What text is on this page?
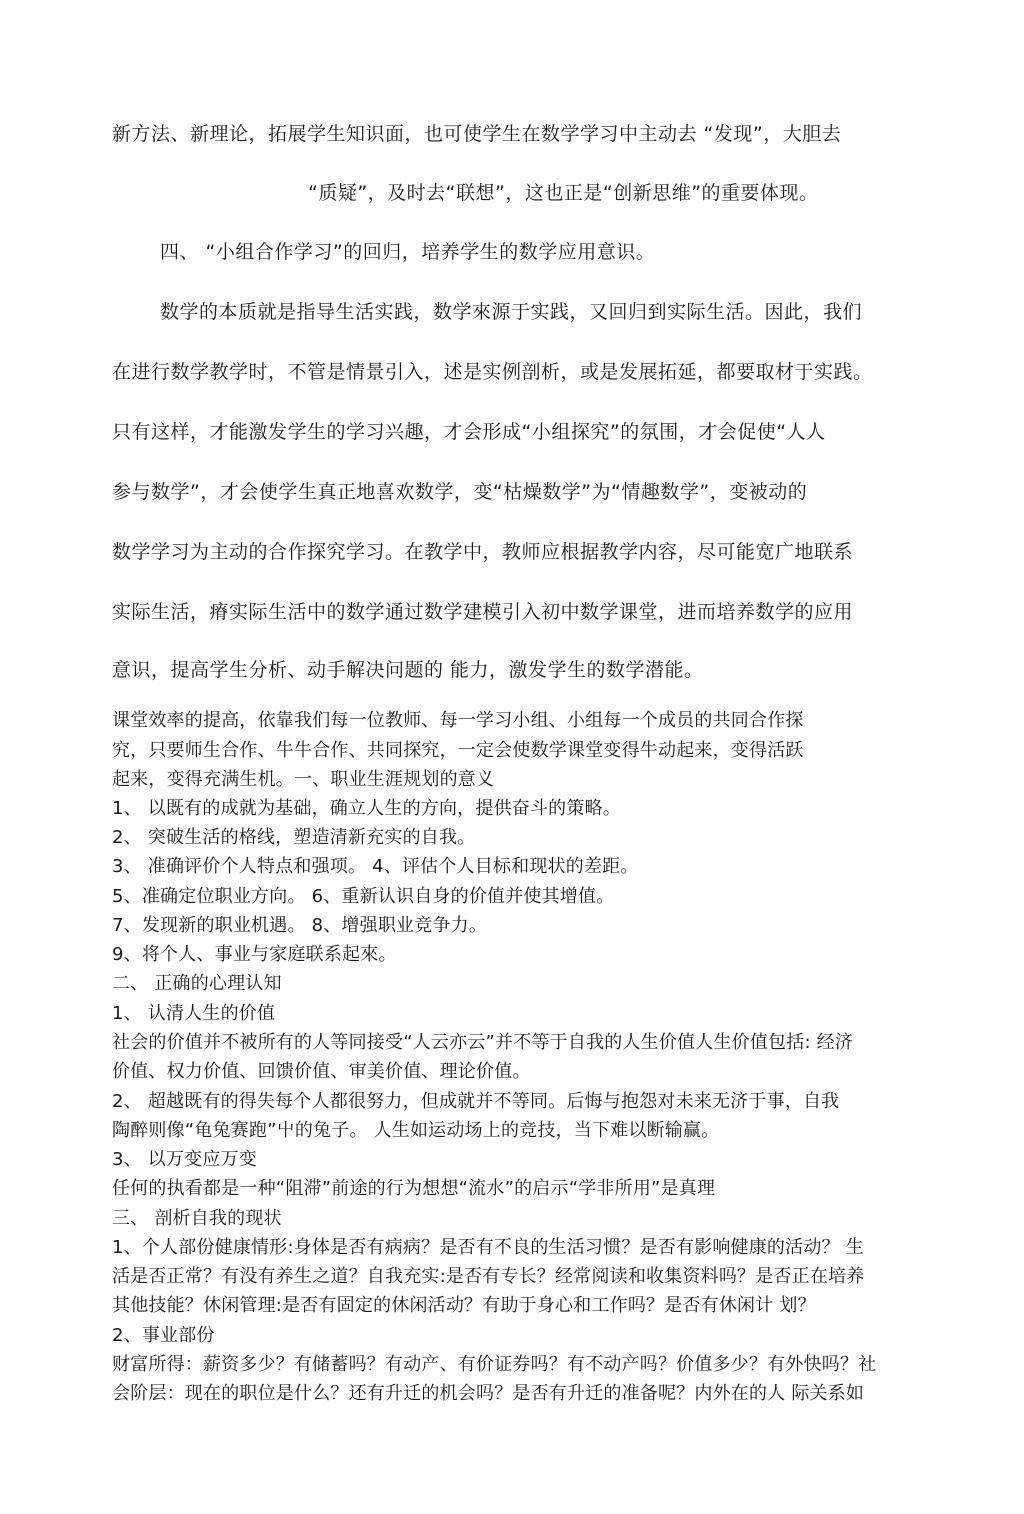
新方法、新理论，拓展学生知识面，也可使学生在数学学习中主动去 “发现”，大胆去
“质疑”，及时去“联想”，这也正是“创新思维”的重要体现。
四、 “小组合作学习”的回归，培养学生的数学应用意识。
数学的本质就是指导生活实践，数学來源于实践，又回归到实际生活。因此，我们
在进行数学教学时，不管是情景引入，述是实例剖析，或是发展拓延，都要取材于实践。
只有这样，才能激发学生的学习兴趣，才会形成“小组探究”的氛围，才会促使“人人
参与数学”，才会使学生真正地喜欢数学，变“枯燥数学”为“情趣数学”，变被动的
数学学习为主动的合作探究学习。在教学中，教师应根据教学内容，尽可能宽广地联系
实际生活，瘠实际生活中的数学通过数学建模引入初中数学课堂，进而培养数学的应用
意识，提高学生分析、动手解决问题的 能力，激发学生的数学潜能。
课堂效率的提高，依靠我们每一位教师、每一学习小组、小组每一个成员的共同合作探
究，只要师生合作、牛牛合作、共同探究，一定会使数学课堂变得牛动起来，变得活跃
起来，变得充满生机。一、职业生涯规划的意义
1、 以既有的成就为基础，确立人生的方向，提供奋斗的策略。
2、 突破生活的格线，塑造清新充实的自我。
3、 准确评价个人特点和强项。 4、评估个人目标和现状的差距。
5、准确定位职业方向。 6、重新认识自身的价值并使其增值。
7、发现新的职业机遇。 8、增强职业竞争力。
9、将个人、事业与家庭联系起來。
二、 正确的心理认知
1、 认清人生的价值
社会的价值并不被所有的人等同接受“人云亦云”并不等于自我的人生价值人生价值包括: 经济
价值、权力价值、回馈价值、审美价值、理论价值。
2、 超越既有的得失每个人都很努力，但成就并不等同。后悔与抱怨对未来无济于事，自我
陶醉则像“龟兔赛跑”屮的兔子。 人生如运动场上的竞技，当下难以断输赢。
3、 以万变应万变
任何的执看都是一种“阻滞”前途的行为想想“流水”的启示“学非所用”是真理
三、 剖析自我的现状
1、个人部份健康情形:身体是否有病病？是否有不良的生活习惯？是否有影响健康的活动？ 生
活是否正常？有没有养生之道？自我充实:是否有专长？经常阅读和收集资料吗？是否正在培养
其他技能？休闲管理:是否有固定的休闲活动？有助于身心和工作吗？是否有休闲计 划？
2、事业部份
财富所得：薪资多少？有储蓄吗？有动产、有价证券吗？有不动产吗？价值多少？有外快吗？社
会阶层：现在的职位是什么？还有升迁的机会吗？是否有升迁的准备呢？内外在的人 际关系如
